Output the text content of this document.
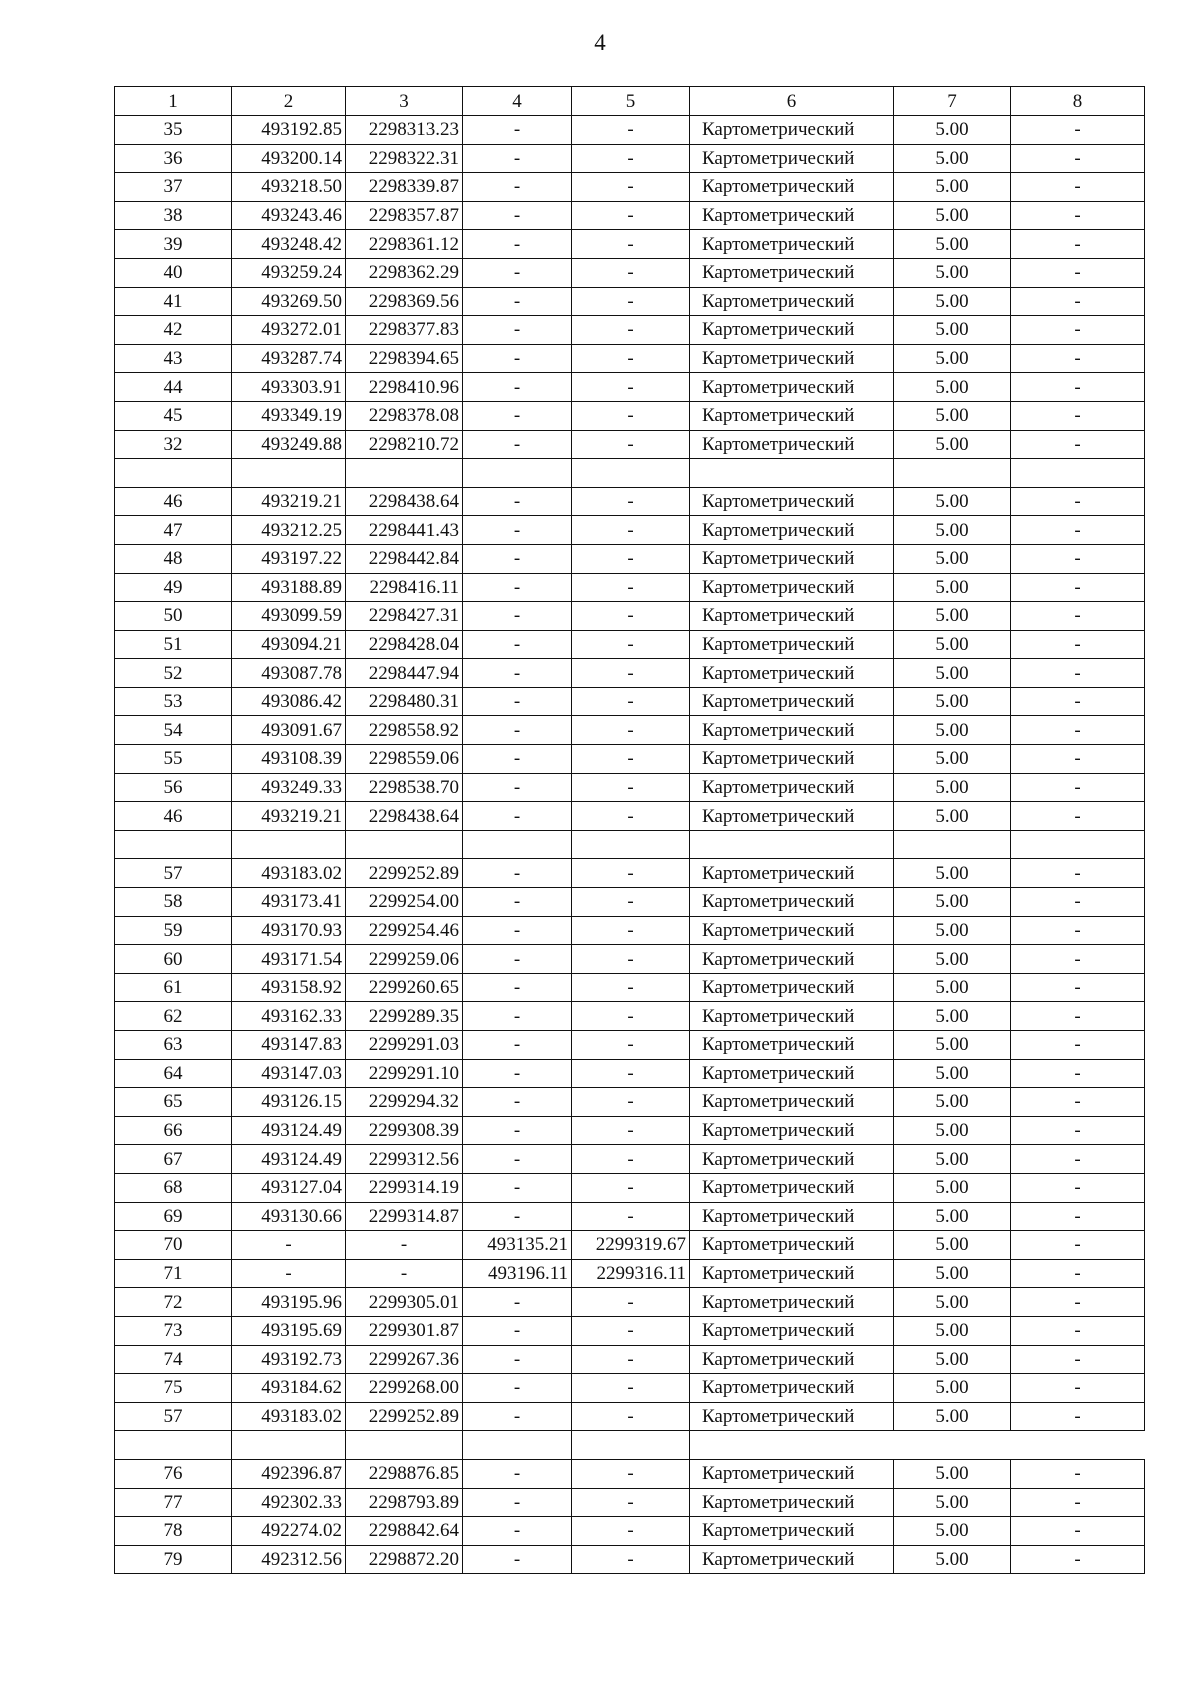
4
1	2	3	4	5	6	7	8
35	493192.85	2298313.23	-	-	Картометрический	5.00	-
36	493200.14	2298322.31	-	-	Картометрический	5.00	-
37	493218.50	2298339.87	-	-	Картометрический	5.00	-
38	493243.46	2298357.87	-	-	Картометрический	5.00	-
39	493248.42	2298361.12	-	-	Картометрический	5.00	-
40	493259.24	2298362.29	-	-	Картометрический	5.00	-
41	493269.50	2298369.56	-	-	Картометрический	5.00	-
42	493272.01	2298377.83	-	-	Картометрический	5.00	-
43	493287.74	2298394.65	-	-	Картометрический	5.00	-
44	493303.91	2298410.96	-	-	Картометрический	5.00	-
45	493349.19	2298378.08	-	-	Картометрический	5.00	-
32	493249.88	2298210.72	-	-	Картометрический	5.00	-

46	493219.21	2298438.64	-	-	Картометрический	5.00	-
47	493212.25	2298441.43	-	-	Картометрический	5.00	-
48	493197.22	2298442.84	-	-	Картометрический	5.00	-
49	493188.89	2298416.11	-	-	Картометрический	5.00	-
50	493099.59	2298427.31	-	-	Картометрический	5.00	-
51	493094.21	2298428.04	-	-	Картометрический	5.00	-
52	493087.78	2298447.94	-	-	Картометрический	5.00	-
53	493086.42	2298480.31	-	-	Картометрический	5.00	-
54	493091.67	2298558.92	-	-	Картометрический	5.00	-
55	493108.39	2298559.06	-	-	Картометрический	5.00	-
56	493249.33	2298538.70	-	-	Картометрический	5.00	-
46	493219.21	2298438.64	-	-	Картометрический	5.00	-

57	493183.02	2299252.89	-	-	Картометрический	5.00	-
58	493173.41	2299254.00	-	-	Картометрический	5.00	-
59	493170.93	2299254.46	-	-	Картометрический	5.00	-
60	493171.54	2299259.06	-	-	Картометрический	5.00	-
61	493158.92	2299260.65	-	-	Картометрический	5.00	-
62	493162.33	2299289.35	-	-	Картометрический	5.00	-
63	493147.83	2299291.03	-	-	Картометрический	5.00	-
64	493147.03	2299291.10	-	-	Картометрический	5.00	-
65	493126.15	2299294.32	-	-	Картометрический	5.00	-
66	493124.49	2299308.39	-	-	Картометрический	5.00	-
67	493124.49	2299312.56	-	-	Картометрический	5.00	-
68	493127.04	2299314.19	-	-	Картометрический	5.00	-
69	493130.66	2299314.87	-	-	Картометрический	5.00	-
70	-	-	493135.21	2299319.67	Картометрический	5.00	-
71	-	-	493196.11	2299316.11	Картометрический	5.00	-
72	493195.96	2299305.01	-	-	Картометрический	5.00	-
73	493195.69	2299301.87	-	-	Картометрический	5.00	-
74	493192.73	2299267.36	-	-	Картометрический	5.00	-
75	493184.62	2299268.00	-	-	Картометрический	5.00	-
57	493183.02	2299252.89	-	-	Картометрический	5.00	-

76	492396.87	2298876.85	-	-	Картометрический	5.00	-
77	492302.33	2298793.89	-	-	Картометрический	5.00	-
78	492274.02	2298842.64	-	-	Картометрический	5.00	-
79	492312.56	2298872.20	-	-	Картометрический	5.00	-
